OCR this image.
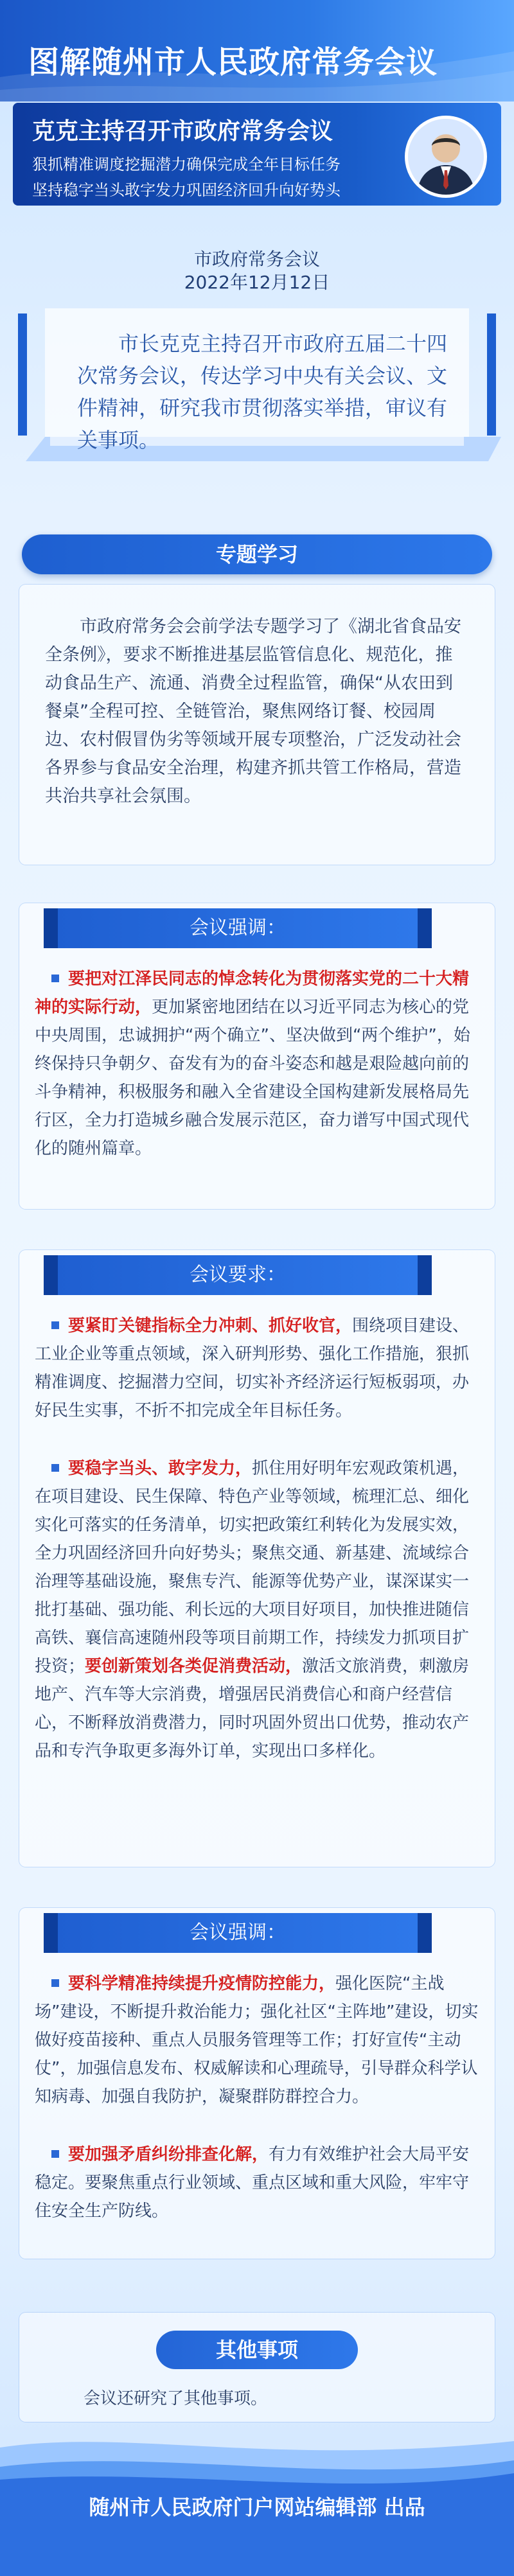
图解随州市人民政府常务会议
克克主持召开市政府常务会议
狠抓精准调度挖掘潜力确保完成全年目标任务
坚持稳字当头敢字发力巩固经济回升向好势头
市政府常务会议
2022年12月12日
市长克克主持召开市政府五届二十四次常务会议，传达学习中央有关会议、文件精神，研究我市贯彻落实举措，审议有关事项。
专题学习
市政府常务会会前学法专题学习了《湖北省食品安全条例》，要求不断推进基层监管信息化、规范化，推动食品生产、流通、消费全过程监管，确保“从农田到餐桌”全程可控、全链管治，聚焦网络订餐、校园周边、农村假冒伪劣等领域开展专项整治，广泛发动社会各界参与食品安全治理，构建齐抓共管工作格局，营造共治共享社会氛围。
会议强调：
要把对江泽民同志的悼念转化为贯彻落实党的二十大精神的实际行动，更加紧密地团结在以习近平同志为核心的党中央周围，忠诚拥护“两个确立”、坚决做到“两个维护”，始终保持只争朝夕、奋发有为的奋斗姿态和越是艰险越向前的斗争精神，积极服务和融入全省建设全国构建新发展格局先行区，全力打造城乡融合发展示范区，奋力谱写中国式现代化的随州篇章。
会议要求：
要紧盯关键指标全力冲刺、抓好收官，围绕项目建设、工业企业等重点领域，深入研判形势、强化工作措施，狠抓精准调度、挖掘潜力空间，切实补齐经济运行短板弱项，办好民生实事，不折不扣完成全年目标任务。
要稳字当头、敢字发力，抓住用好明年宏观政策机遇，在项目建设、民生保障、特色产业等领域，梳理汇总、细化实化可落实的任务清单，切实把政策红利转化为发展实效，全力巩固经济回升向好势头；聚焦交通、新基建、流域综合治理等基础设施，聚焦专汽、能源等优势产业，谋深谋实一批打基础、强功能、利长远的大项目好项目，加快推进随信高铁、襄信高速随州段等项目前期工作，持续发力抓项目扩投资；要创新策划各类促消费活动，激活文旅消费，刺激房地产、汽车等大宗消费，增强居民消费信心和商户经营信心，不断释放消费潜力，同时巩固外贸出口优势，推动农产品和专汽争取更多海外订单，实现出口多样化。
会议强调：
要科学精准持续提升疫情防控能力，强化医院“主战场”建设，不断提升救治能力；强化社区“主阵地”建设，切实做好疫苗接种、重点人员服务管理等工作；打好宣传“主动仗”，加强信息发布、权威解读和心理疏导，引导群众科学认知病毒、加强自我防护，凝聚群防群控合力。
要加强矛盾纠纷排查化解，有力有效维护社会大局平安稳定。要聚焦重点行业领域、重点区域和重大风险，牢牢守住安全生产防线。
其他事项
会议还研究了其他事项。
随州市人民政府门户网站编辑部 出品
